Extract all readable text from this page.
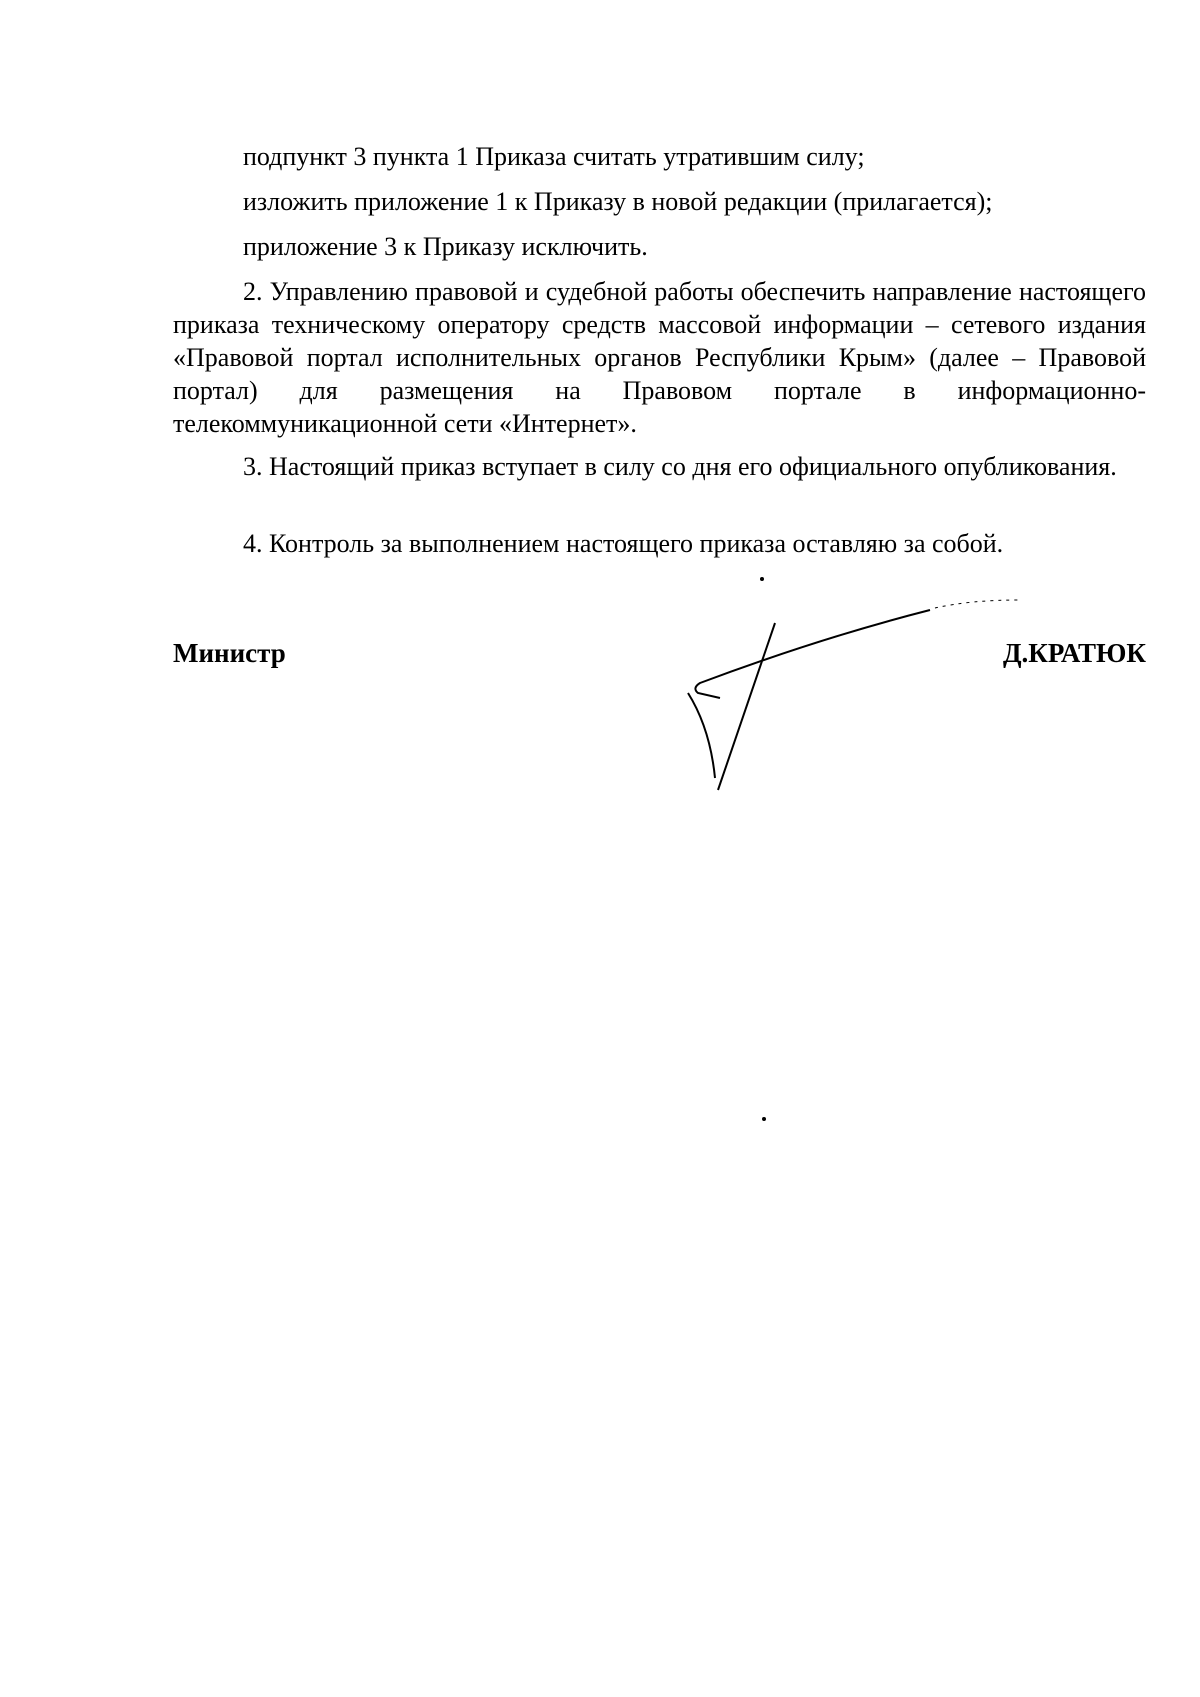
подпункт 3 пункта 1 Приказа считать утратившим силу;
изложить приложение 1 к Приказу в новой редакции (прилагается);
приложение 3 к Приказу исключить.
2. Управлению правовой и судебной работы обеспечить направление настоящего приказа техническому оператору средств массовой информации – сетевого издания «Правовой портал исполнительных органов Республики Крым» (далее – Правовой портал) для размещения на Правовом портале в информационно-телекоммуникационной сети «Интернет».
3. Настоящий приказ вступает в силу со дня его официального опубликования.
4. Контроль за выполнением настоящего приказа оставляю за собой.
Министр	Д.КРАТЮК
